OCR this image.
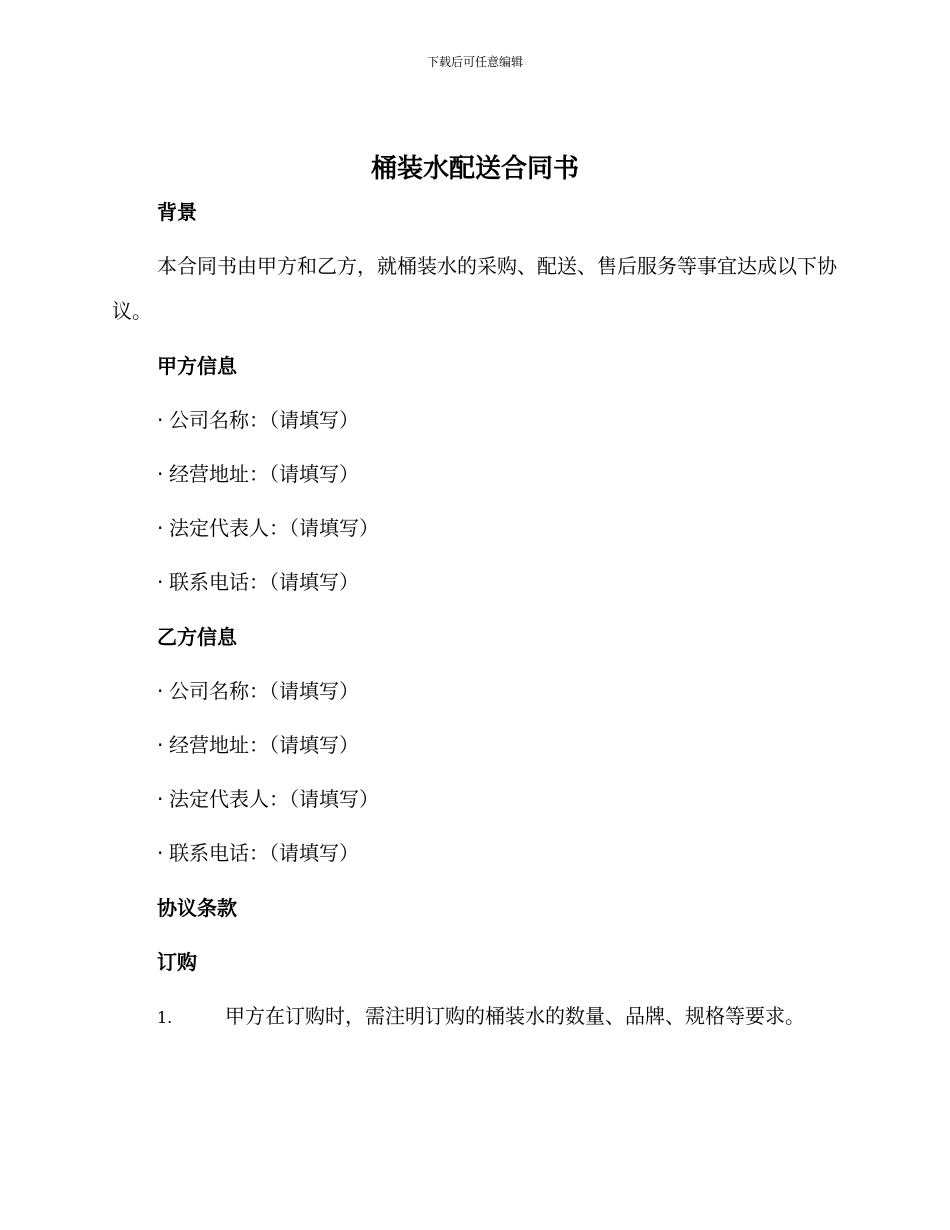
下载后可任意编辑
桶装水配送合同书
背景
本合同书由甲方和乙方，就桶装水的采购、配送、售后服务等事宜达成以下协议。
甲方信息
· 公司名称：（请填写）
· 经营地址：（请填写）
· 法定代表人：（请填写）
· 联系电话：（请填写）
乙方信息
· 公司名称：（请填写）
· 经营地址：（请填写）
· 法定代表人：（请填写）
· 联系电话：（请填写）
协议条款
订购
1.	甲方在订购时，需注明订购的桶装水的数量、品牌、规格等要求。
